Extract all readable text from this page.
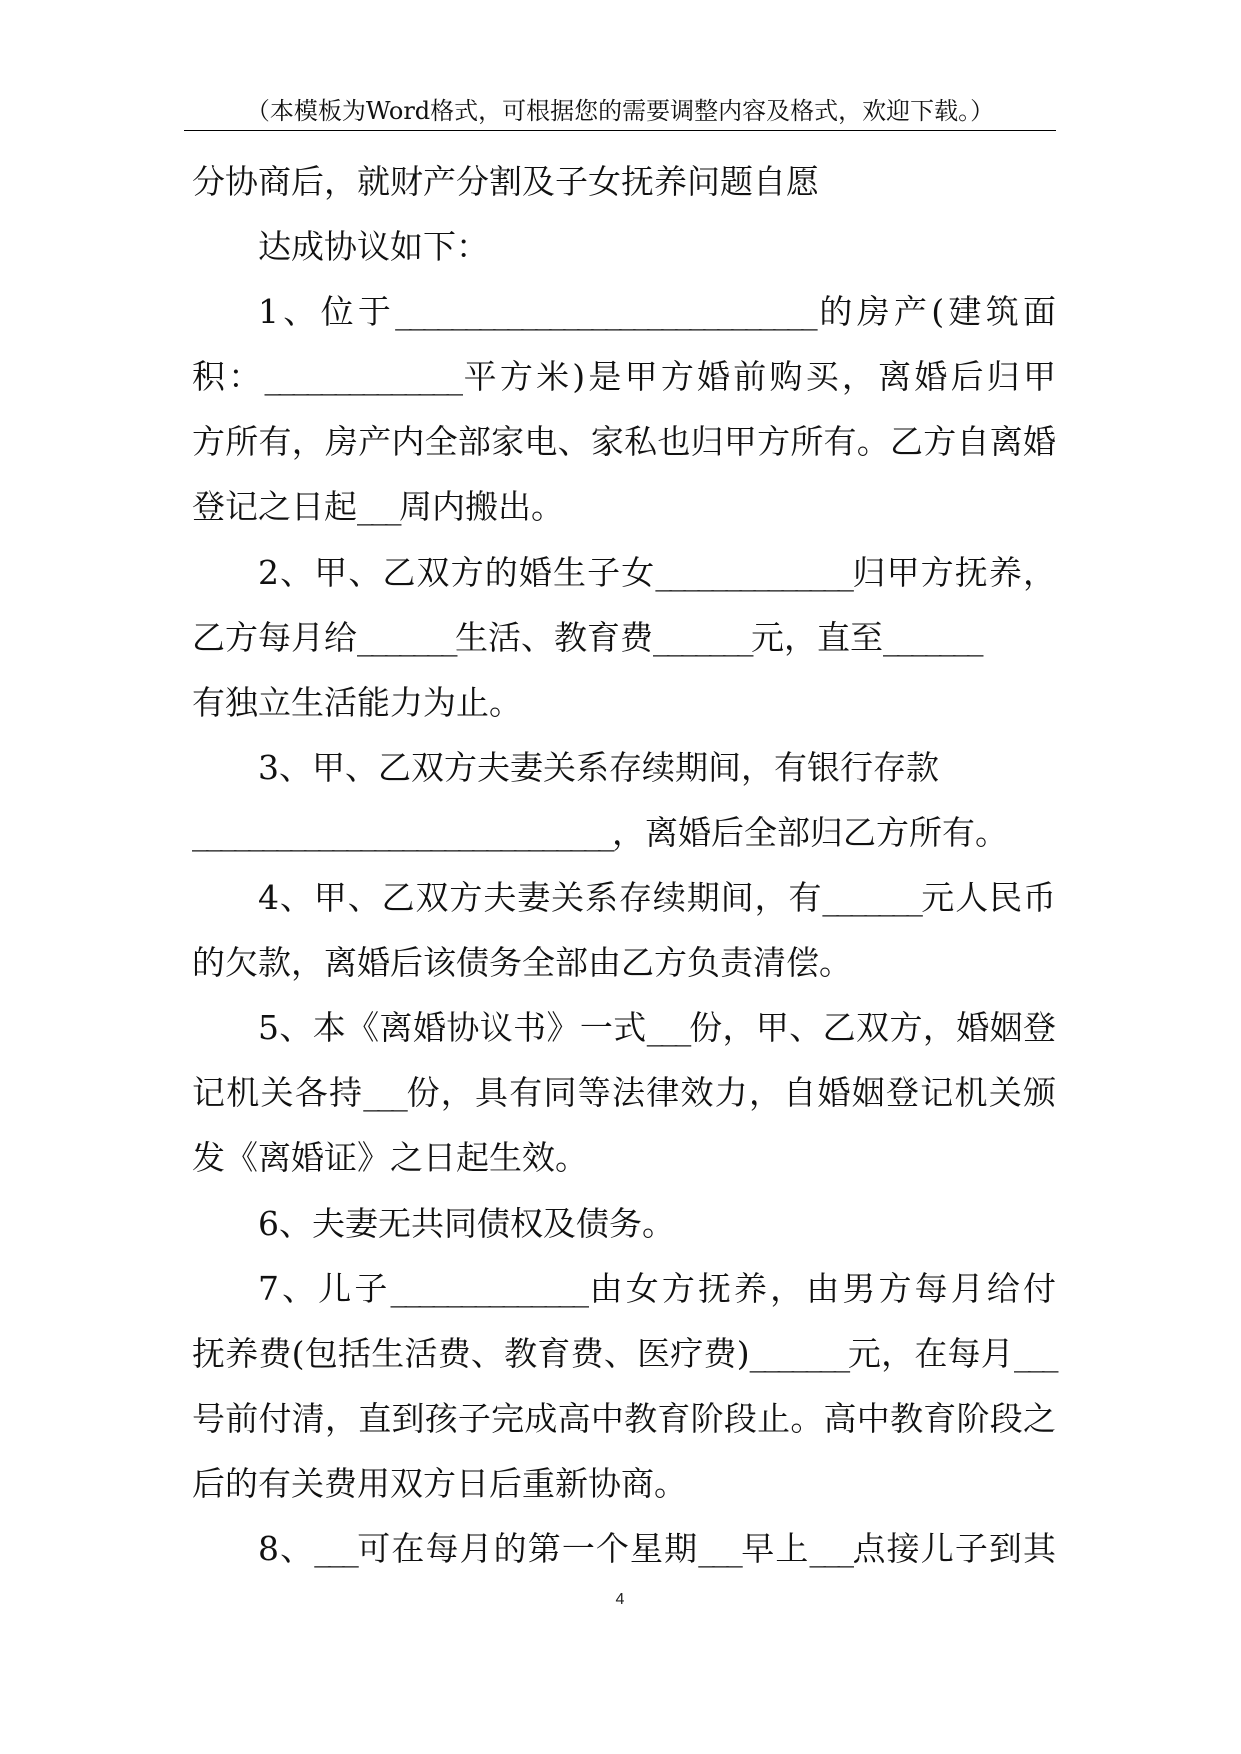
（本模板为Word格式，可根据您的需要调整内容及格式，欢迎下载。）
分协商后，就财产分割及子女抚养问题自愿
达成协议如下：
1、位于______________________________的房产(建筑面
积：______________平方米)是甲方婚前购买，离婚后归甲
方所有，房产内全部家电、家私也归甲方所有。乙方自离婚
登记之日起___周内搬出。
2、甲、乙双方的婚生子女______________归甲方抚养，
乙方每月给_______生活、教育费_______元，直至_______
有独立生活能力为止。
3、甲、乙双方夫妻关系存续期间，有银行存款
______________________________，离婚后全部归乙方所有。
4、甲、乙双方夫妻关系存续期间，有_______元人民币
的欠款，离婚后该债务全部由乙方负责清偿。
5、本《离婚协议书》一式___份，甲、乙双方，婚姻登
记机关各持___份，具有同等法律效力，自婚姻登记机关颁
发《离婚证》之日起生效。
6、夫妻无共同债权及债务。
7、儿子______________由女方抚养，由男方每月给付
抚养费(包括生活费、教育费、医疗费)_______元，在每月___
号前付清，直到孩子完成高中教育阶段止。高中教育阶段之
后的有关费用双方日后重新协商。
8、___可在每月的第一个星期___早上___点接儿子到其
4
